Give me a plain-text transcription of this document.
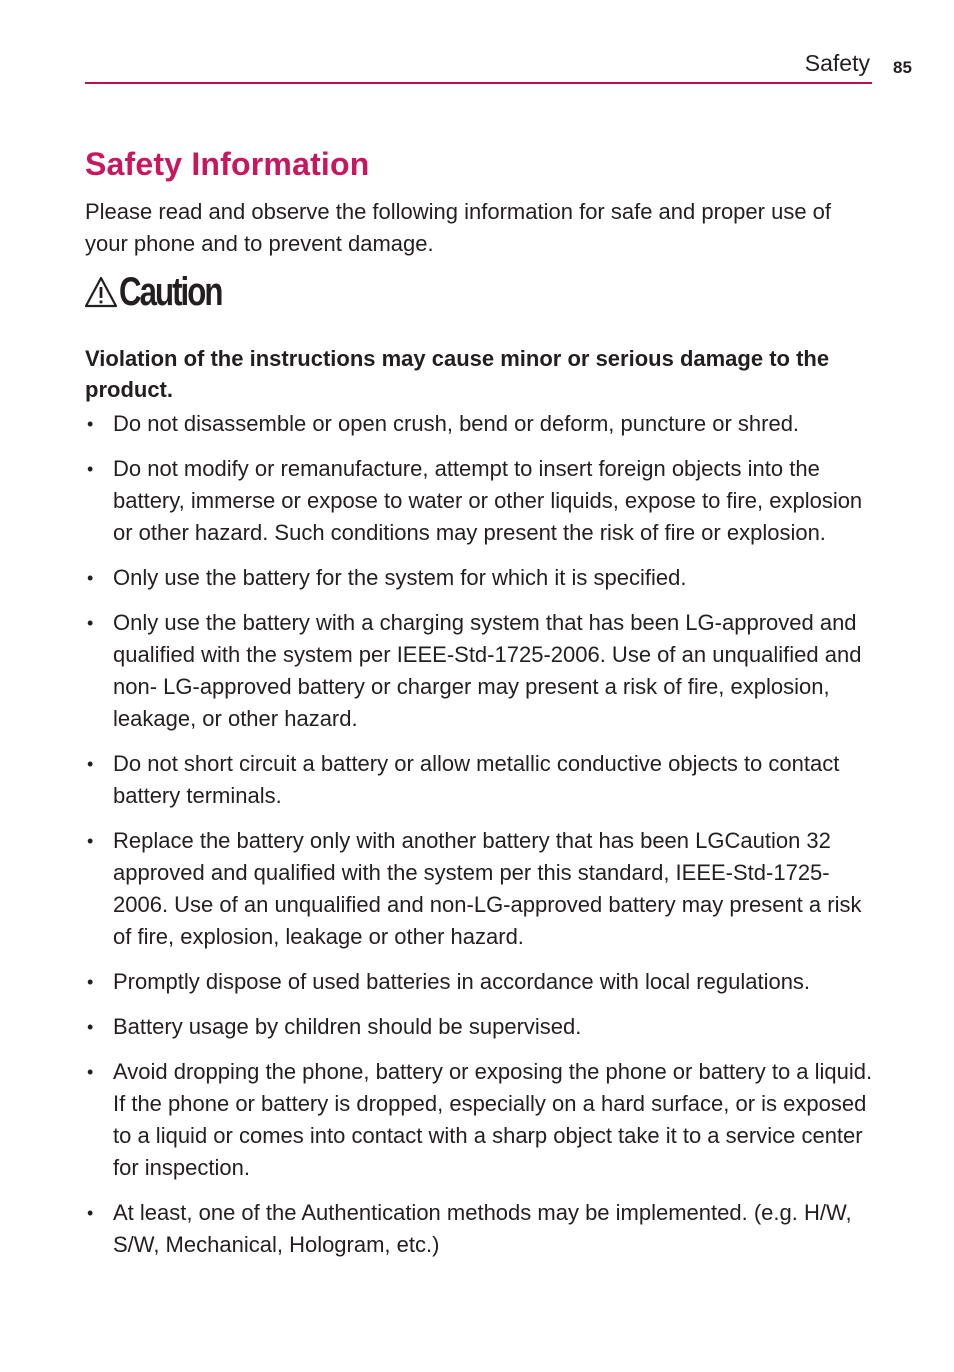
Safety 85
Safety Information

Please read and observe the following information for safe and proper use of your phone and to prevent damage.

Caution

Violation of the instructions may cause minor or serious damage to the product.

• Do not disassemble or open crush, bend or deform, puncture or shred.
• Do not modify or remanufacture, attempt to insert foreign objects into the battery, immerse or expose to water or other liquids, expose to fire, explosion or other hazard. Such conditions may present the risk of fire or explosion.
• Only use the battery for the system for which it is specified.
• Only use the battery with a charging system that has been LG-approved and qualified with the system per IEEE-Std-1725-2006. Use of an unqualified and non- LG-approved battery or charger may present a risk of fire, explosion, leakage, or other hazard.
• Do not short circuit a battery or allow metallic conductive objects to contact battery terminals.
• Replace the battery only with another battery that has been LGCaution 32 approved and qualified with the system per this standard, IEEE-Std-1725-2006. Use of an unqualified and non-LG-approved battery may present a risk of fire, explosion, leakage or other hazard.
• Promptly dispose of used batteries in accordance with local regulations.
• Battery usage by children should be supervised.
• Avoid dropping the phone, battery or exposing the phone or battery to a liquid. If the phone or battery is dropped, especially on a hard surface, or is exposed to a liquid or comes into contact with a sharp object take it to a service center for inspection.
• At least, one of the Authentication methods may be implemented. (e.g. H/W, S/W, Mechanical, Hologram, etc.)
